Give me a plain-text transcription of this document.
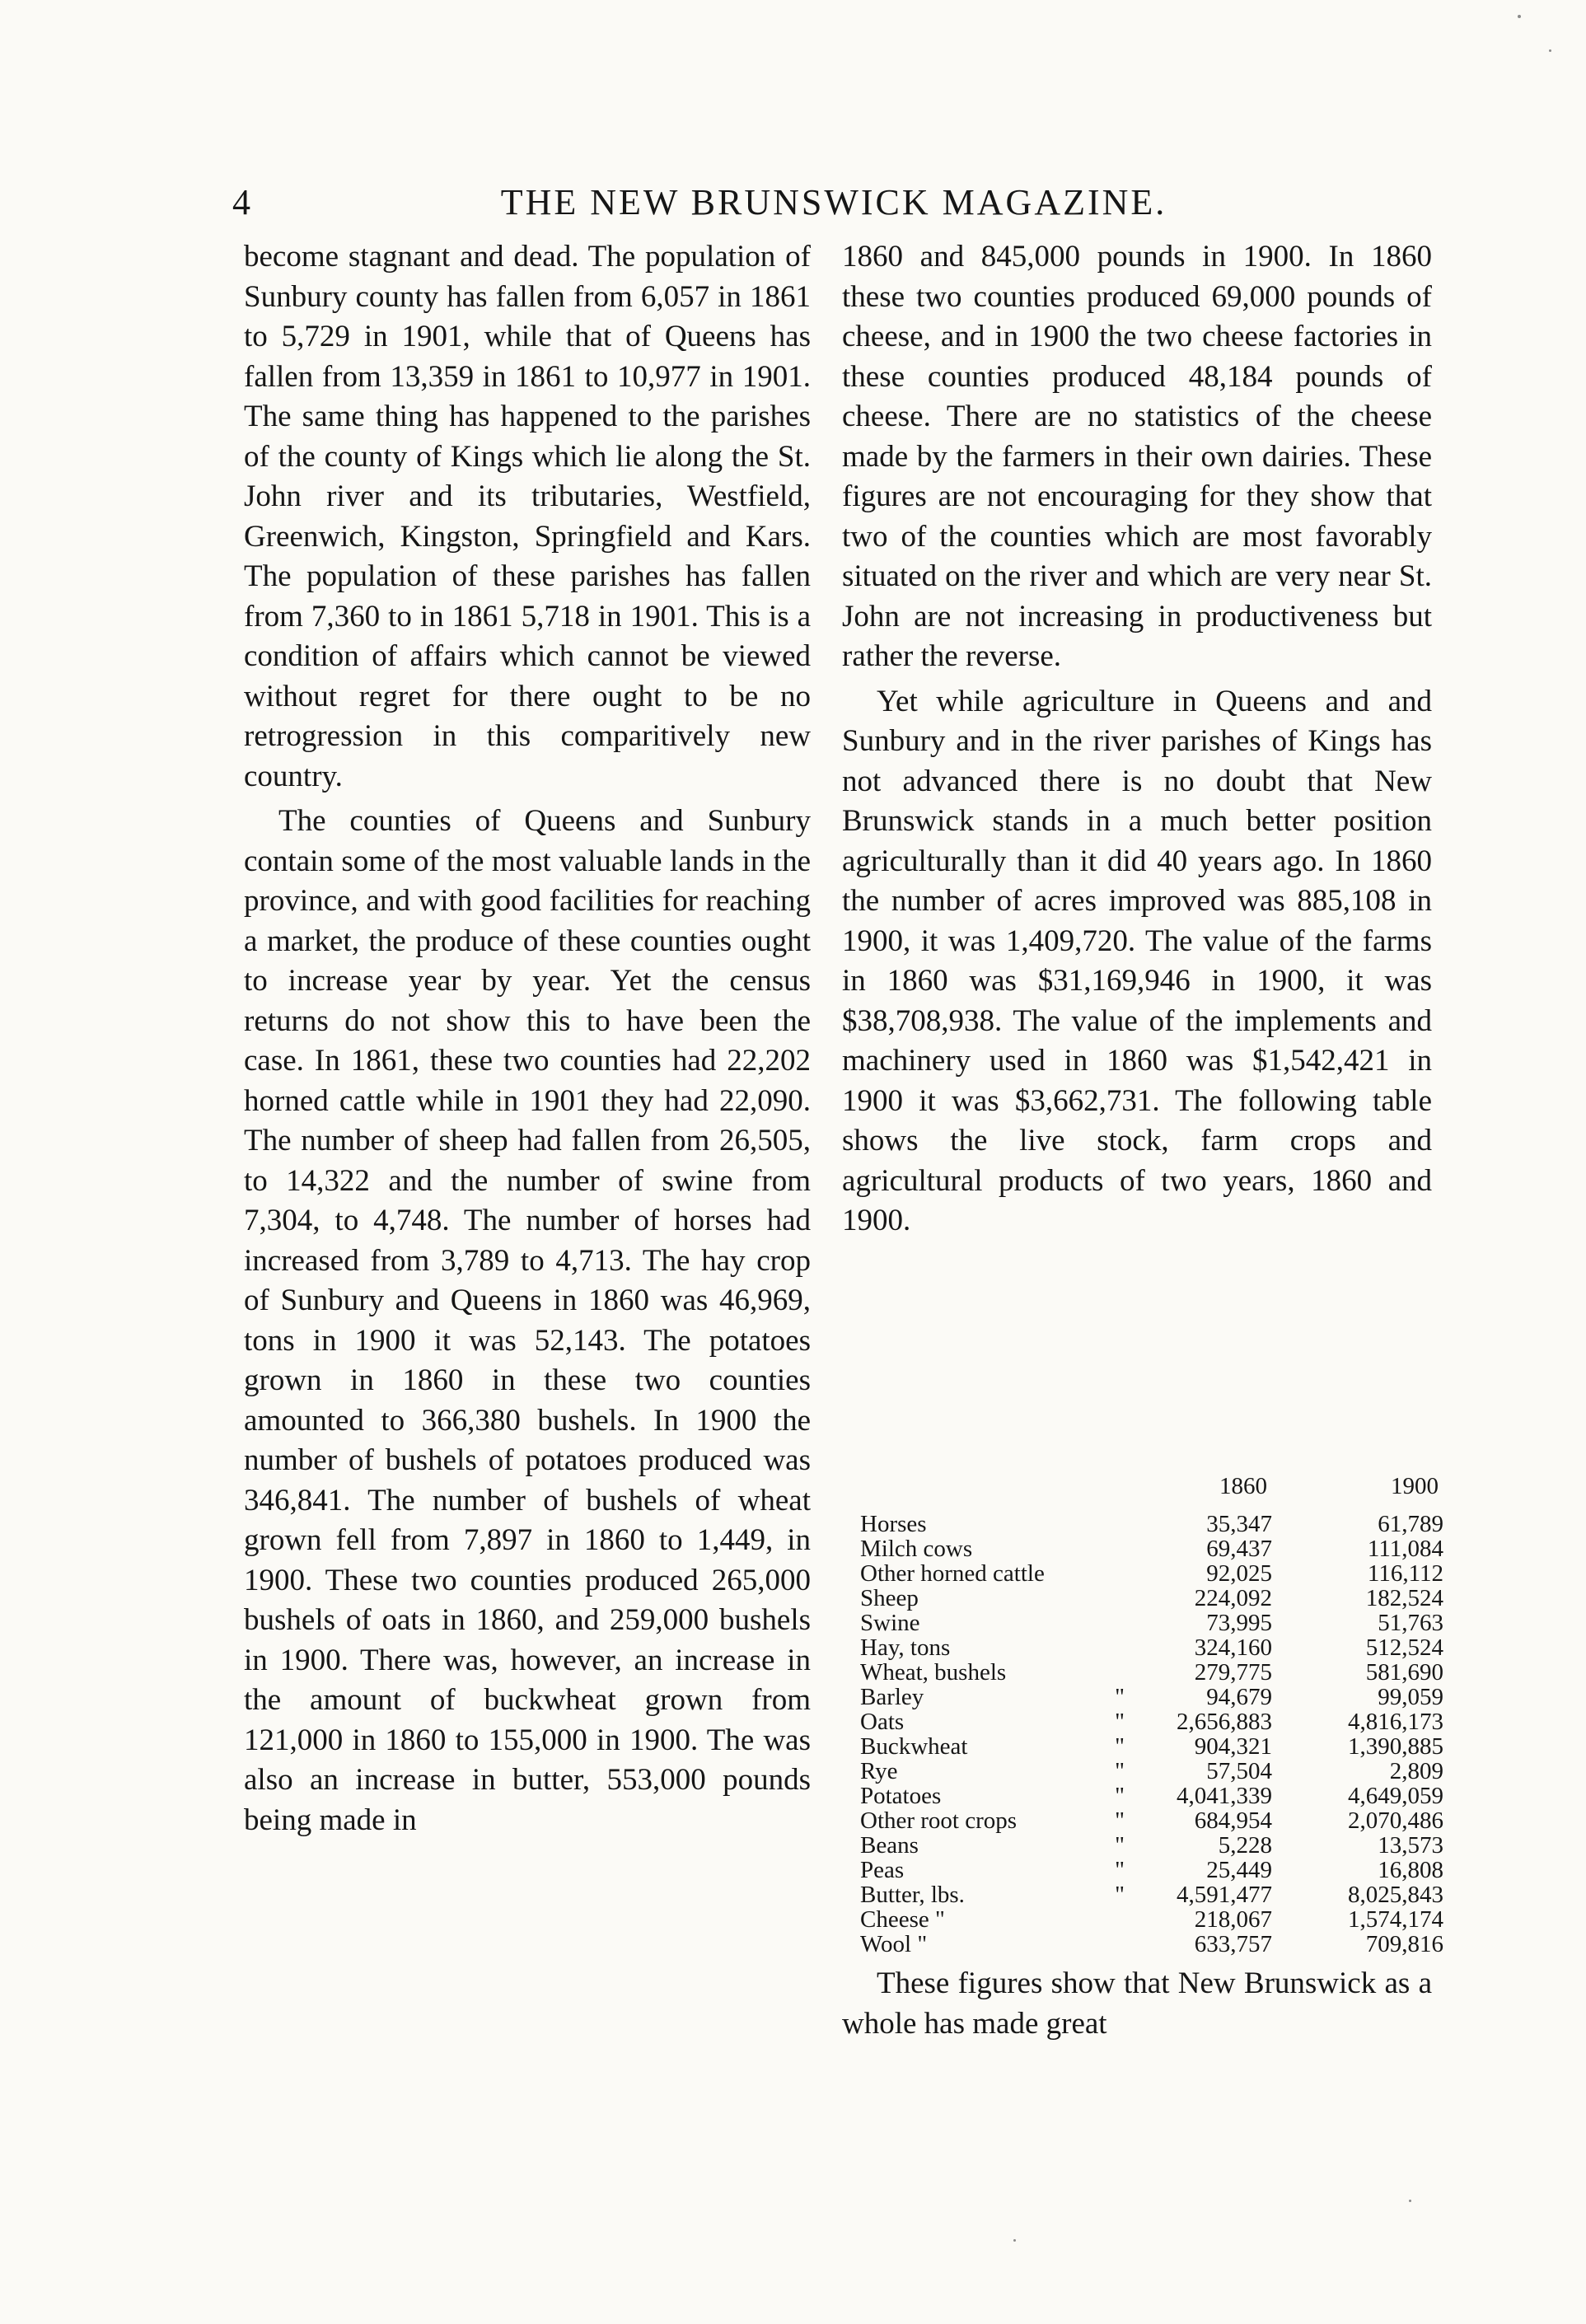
4	THE NEW BRUNSWICK MAGAZINE.

become stagnant and dead. The population of Sunbury county has fallen from 6,057 in 1861 to 5,729 in 1901, while that of Queens has fallen from 13,359 in 1861 to 10,977 in 1901. The same thing has happened to the parishes of the county of Kings which lie along the St. John river and its tributaries, Westfield, Greenwich, Kingston, Springfield and Kars. The population of these parishes has fallen from 7,360 to in 1861 5,718 in 1901. This is a condition of affairs which cannot be viewed without regret for there ought to be no retrogression in this comparitively new country.

The counties of Queens and Sunbury contain some of the most valuable lands in the province, and with good facilities for reaching a market, the produce of these counties ought to increase year by year. Yet the census returns do not show this to have been the case. In 1861, these two counties had 22,202 horned cattle while in 1901 they had 22,090. The number of sheep had fallen from 26,505, to 14,322 and the number of swine from 7,304, to 4,748. The number of horses had increased from 3,789 to 4,713. The hay crop of Sunbury and Queens in 1860 was 46,969, tons in 1900 it was 52,143. The potatoes grown in 1860 in these two counties amounted to 366,380 bushels. In 1900 the number of bushels of potatoes produced was 346,841. The number of bushels of wheat grown fell from 7,897 in 1860 to 1,449, in 1900. These two counties produced 265,000 bushels of oats in 1860, and 259,000 bushels in 1900. There was, however, an increase in the amount of buckwheat grown from 121,000 in 1860 to 155,000 in 1900. The was also an increase in butter, 553,000 pounds being made in

1860 and 845,000 pounds in 1900. In 1860 these two counties produced 69,000 pounds of cheese, and in 1900 the two cheese factories in these counties produced 48,184 pounds of cheese. There are no statistics of the cheese made by the farmers in their own dairies. These figures are not encouraging for they show that two of the counties which are most favorably situated on the river and which are very near St. John are not increasing in productiveness but rather the reverse.

Yet while agriculture in Queens and and Sunbury and in the river parishes of Kings has not advanced there is no doubt that New Brunswick stands in a much better position agriculturally than it did 40 years ago. In 1860 the number of acres improved was 885,108 in 1900, it was 1,409,720. The value of the farms in 1860 was $31,169,946 in 1900, it was $38,708,938. The value of the implements and machinery used in 1860 was $1,542,421 in 1900 it was $3,662,731. The following table shows the live stock, farm crops and agricultural products of two years, 1860 and 1900.

		1860	1900
Horses		35,347	61,789
Milch cows		69,437	111,084
Other horned cattle		92,025	116,112
Sheep		224,092	182,524
Swine		73,995	51,763
Hay, tons		324,160	512,524
Wheat, bushels		279,775	581,690
Barley	"	94,679	99,059
Oats	"	2,656,883	4,816,173
Buckwheat	"	904,321	1,390,885
Rye	"	57,504	2,809
Potatoes	"	4,041,339	4,649,059
Other root crops	"	684,954	2,070,486
Beans	"	5,228	13,573
Peas	"	25,449	16,808
Butter, lbs.	"	4,591,477	8,025,843
Cheese "		218,067	1,574,174
Wool "		633,757	709,816

These figures show that New Brunswick as a whole has made great
